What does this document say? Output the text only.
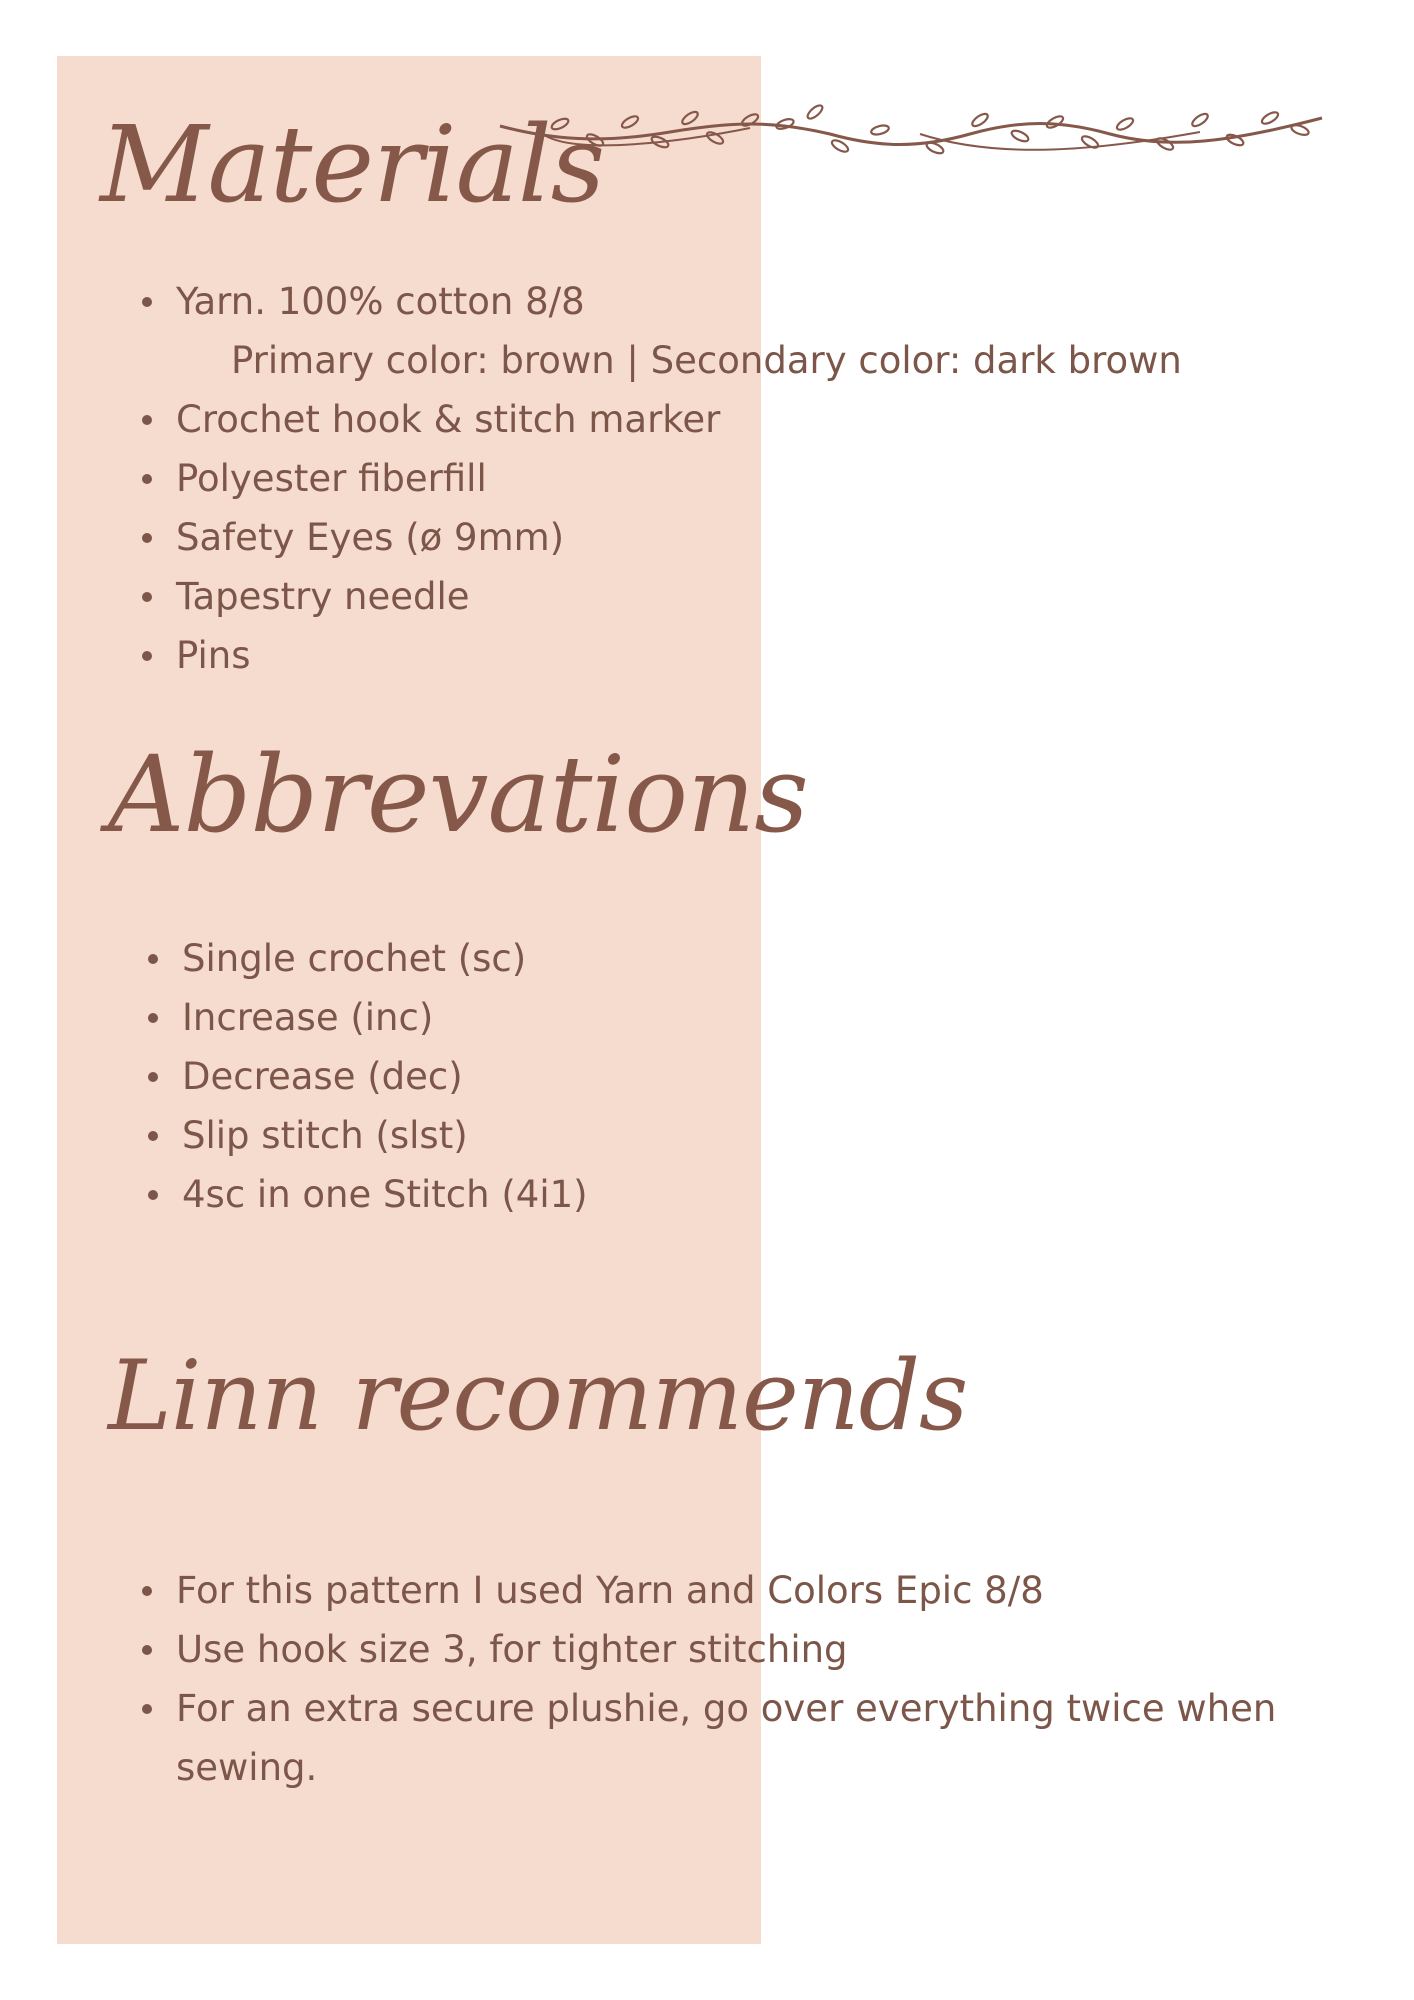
Materials
Yarn. 100% cotton 8/8
Primary color: brown | Secondary color: dark brown
Crochet hook & stitch marker
Polyester fiberfill
Safety Eyes (ø 9mm)
Tapestry needle
Pins
Abbrevations
Single crochet (sc)
Increase (inc)
Decrease (dec)
Slip stitch (slst)
4sc in one Stitch (4i1)
Linn recommends
For this pattern I used Yarn and Colors Epic 8/8
Use hook size 3, for tighter stitching
For an extra secure plushie, go over everything twice when sewing.
